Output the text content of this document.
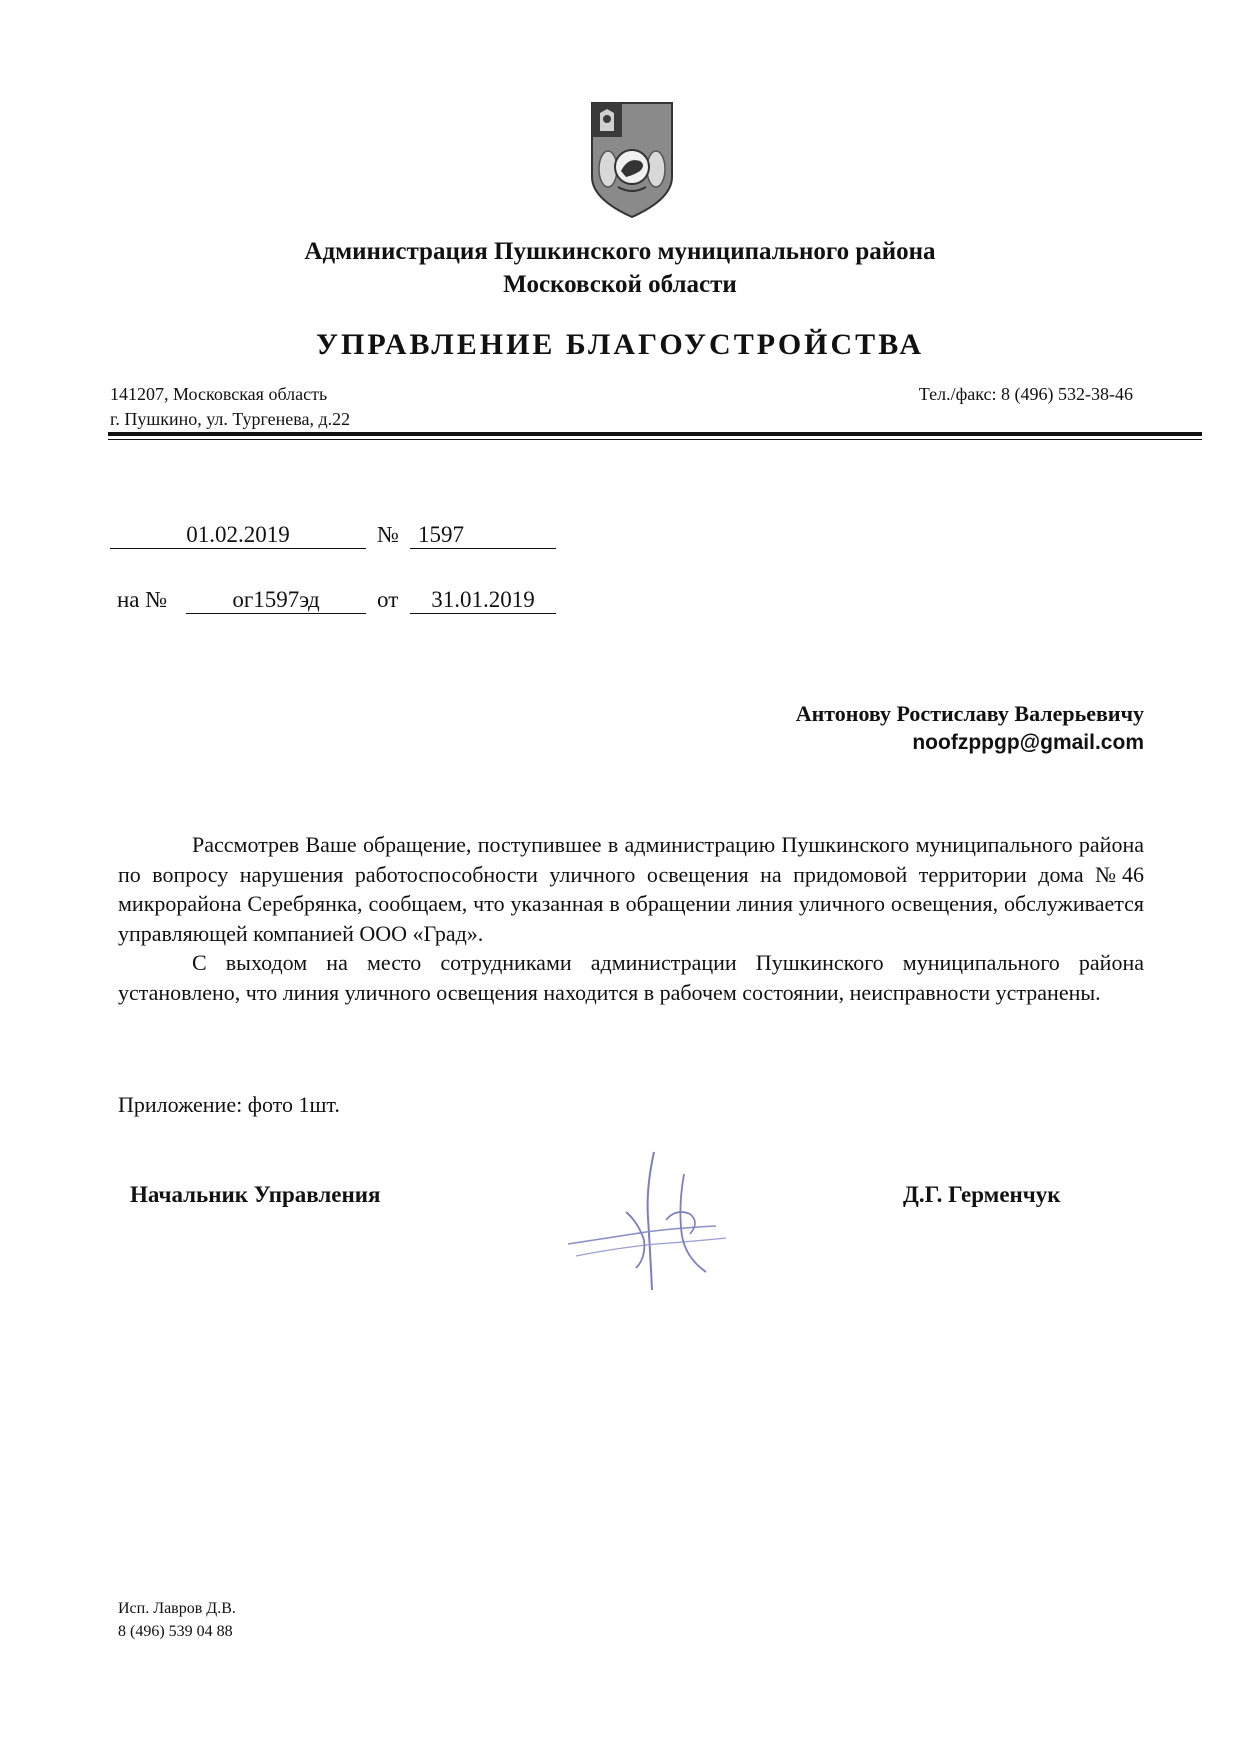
Администрация Пушкинского муниципального района
Московской области
УПРАВЛЕНИЕ БЛАГОУСТРОЙСТВА
141207, Московская область
г. Пушкино, ул. Тургенева, д.22
Тел./факс: 8 (496) 532-38-46
01.02.2019	№ 1597
на №	ог1597эд	от	31.01.2019
Антонову Ростиславу Валерьевичу
noofzppgp@gmail.com

Рассмотрев Ваше обращение, поступившее в администрацию Пушкинского муниципального района по вопросу нарушения работоспособности уличного освещения на придомовой территории дома №46 микрорайона Серебрянка, сообщаем, что указанная в обращении линия уличного освещения, обслуживается управляющей компанией ООО «Град».

С выходом на место сотрудниками администрации Пушкинского муниципального района установлено, что линия уличного освещения находится в рабочем состоянии, неисправности устранены.

Приложение: фото 1шт.
Начальник Управления	Д.Г. Герменчук
Исп. Лавров Д.В.
8 (496) 539 04 88
